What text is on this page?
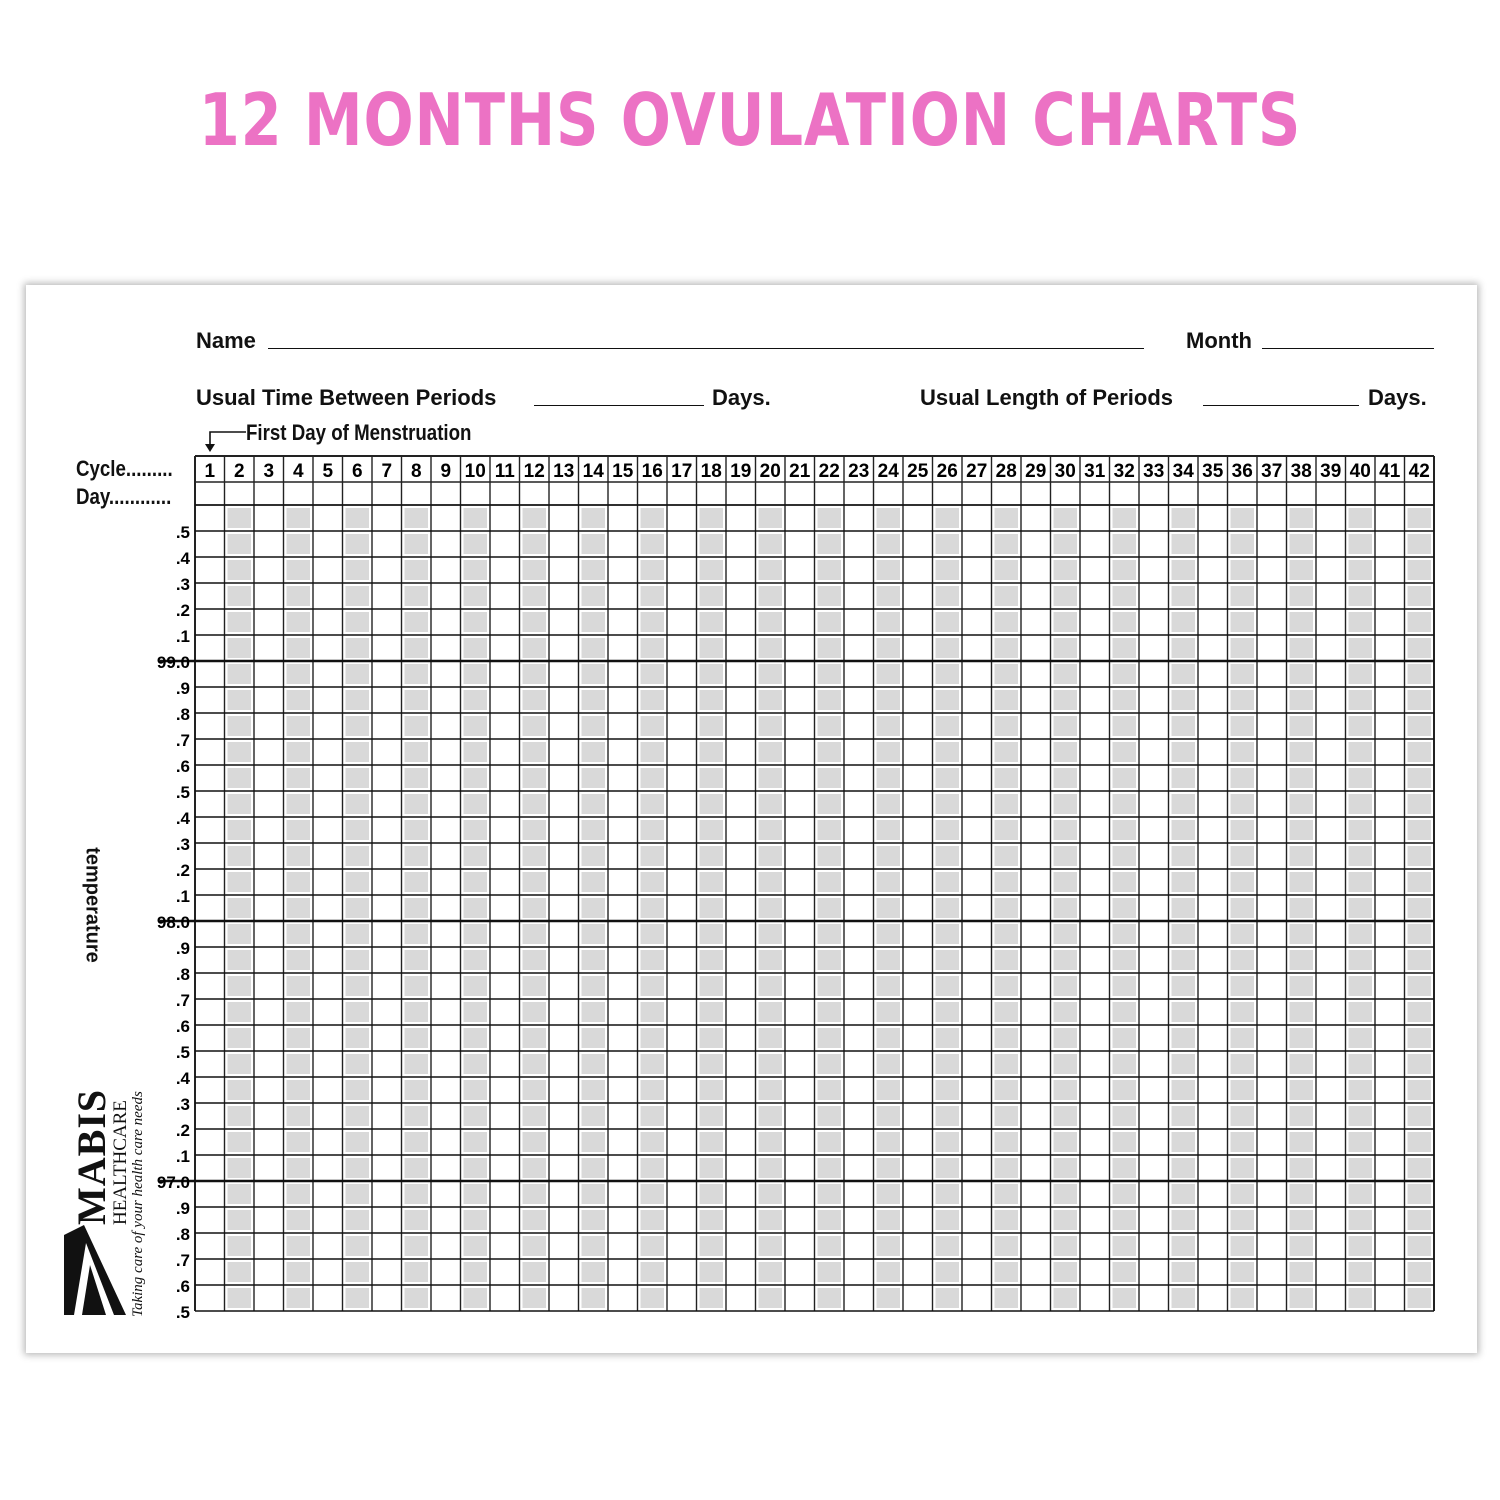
12 MONTHS OVULATION CHARTS
Name	Month
Usual Time Between Periods	Days.	Usual Length of Periods	Days.
First Day of Menstruation
Cycle.........
Day............
temperature
.5
.4
.3
.2
.1
99.0
.9
.8
.7
.6
.5
.4
.3
.2
.1
98.0
.9
.8
.7
.6
.5
.4
.3
.2
.1
97.0
.9
.8
.7
.6
.5
1 2 3 4 5 6 7 8 9 10 11 12 13 14 15 16 17 18 19 20 21 22 23 24 25 26 27 28 29 30 31 32 33 34 35 36 37 38 39 40 41 42
MABIS
HEALTHCARE Taking care of your health care needs
